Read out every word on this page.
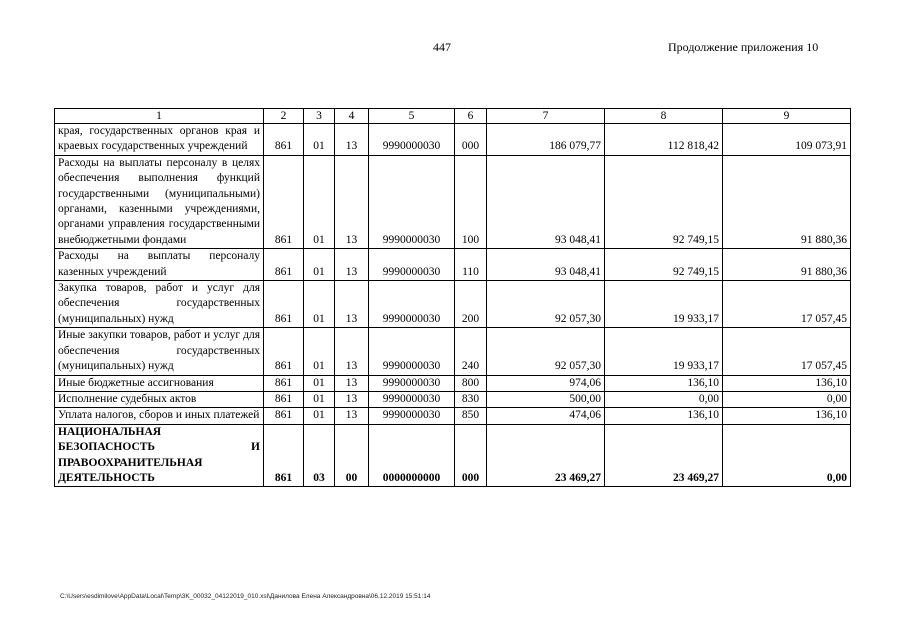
447	Продолжение приложения 10
1	2	3	4	5	6	7	8	9
края, государственных органов края и краевых государственных учреждений	861	01	13	9990000030	000	186 079,77	112 818,42	109 073,91
Расходы на выплаты персоналу в целях обеспечения выполнения функций государственными (муниципальными) органами, казенными учреждениями, органами управления государственными внебюджетными фондами	861	01	13	9990000030	100	93 048,41	92 749,15	91 880,36
Расходы на выплаты персоналу казенных учреждений	861	01	13	9990000030	110	93 048,41	92 749,15	91 880,36
Закупка товаров, работ и услуг для обеспечения государственных (муниципальных) нужд	861	01	13	9990000030	200	92 057,30	19 933,17	17 057,45
Иные закупки товаров, работ и услуг для обеспечения государственных (муниципальных) нужд	861	01	13	9990000030	240	92 057,30	19 933,17	17 057,45
Иные бюджетные ассигнования	861	01	13	9990000030	800	974,06	136,10	136,10
Исполнение судебных актов	861	01	13	9990000030	830	500,00	0,00	0,00
Уплата налогов, сборов и иных платежей	861	01	13	9990000030	850	474,06	136,10	136,10
НАЦИОНАЛЬНАЯ БЕЗОПАСНОСТЬ И ПРАВООХРАНИТЕЛЬНАЯ ДЕЯТЕЛЬНОСТЬ	861	03	00	0000000000	000	23 469,27	23 469,27	0,00
C:\Users\esdimilove\AppData\Local\Temp\3K_00032_04122019_010.xsl\Данилова Елена Александровна\06.12.2019 15:51:14
